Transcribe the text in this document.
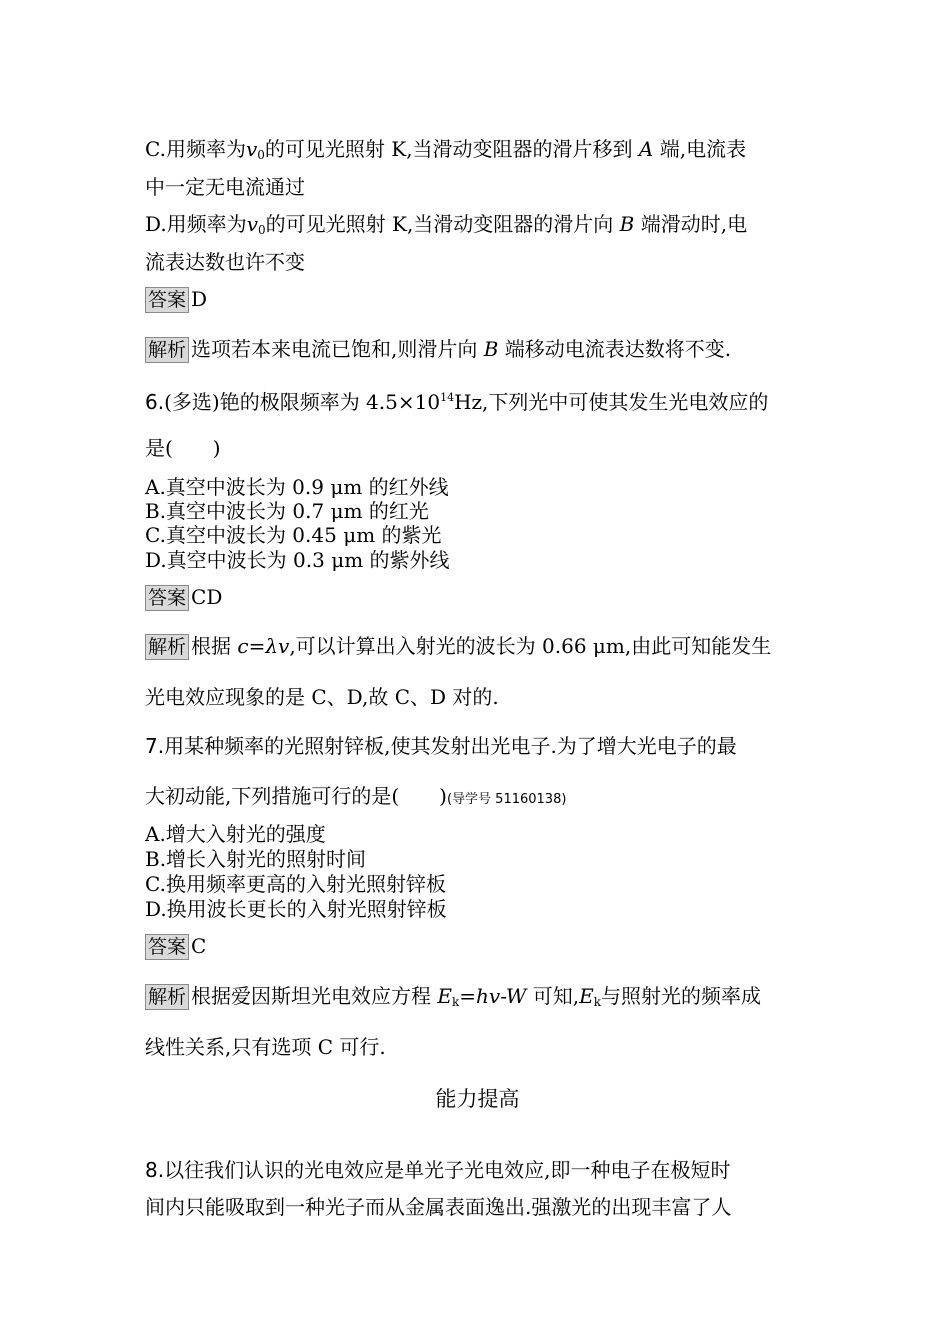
C.用频率为$v_0$的可见光照射 K,当滑动变阻器的滑片移到 A 端,电流表
中一定无电流通过
D.用频率为$v_0$的可见光照射 K,当滑动变阻器的滑片向 B 端滑动时,电
流表达数也许不变
答案 D
解析 选项若本来电流已饱和,则滑片向 B 端移动电流表达数将不变.
6.(多选)铯的极限频率为 $4.5\times 10^{14}Hz$,下列光中可使其发生光电效应的
是(　　)
A.真空中波长为 0.9 μm 的红外线
B.真空中波长为 0.7 μm 的红光
C.真空中波长为 0.45 μm 的紫光
D.真空中波长为 0.3 μm 的紫外线
答案 CD
解析 根据 c=λv,可以计算出入射光的波长为 0.66 μm,由此可知能发生
光电效应现象的是 C、D,故 C、D 对的.
7.用某种频率的光照射锌板,使其发射出光电子.为了增大光电子的最
大初动能,下列措施可行的是(　　)(导学号 51160138)
A.增大入射光的强度
B.增长入射光的照射时间
C.换用频率更高的入射光照射锌板
D.换用波长更长的入射光照射锌板
答案 C
解析 根据爱因斯坦光电效应方程 $E_k=hv-W$ 可知$,E_k$与照射光的频率成
线性关系,只有选项 C 可行.
能力提高
8.以往我们认识的光电效应是单光子光电效应,即一种电子在极短时
间内只能吸取到一种光子而从金属表面逸出.强激光的出现丰富了人
